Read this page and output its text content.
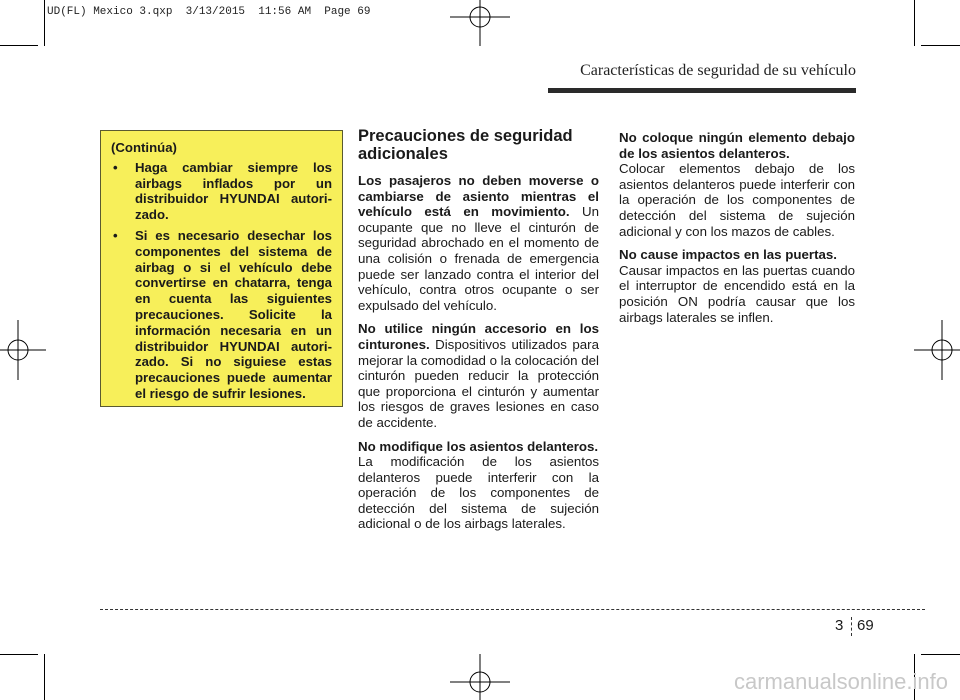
UD(FL) Mexico 3.qxp  3/13/2015  11:56 AM  Page 69
Características de seguridad de su vehículo
(Continúa)
• Haga cambiar siempre los airbags inflados por un distribuidor HYUNDAI autori-zado.
• Si es necesario desechar los componentes del sistema de airbag o si el vehículo debe convertirse en chatarra, tenga en cuenta las siguientes precauciones. Solicite la información necesaria en un distribuidor HYUNDAI autori-zado. Si no siguiese estas precauciones puede aumentar el riesgo de sufrir lesiones.
Precauciones de seguridad adicionales

Los pasajeros no deben moverse o cambiarse de asiento mientras el vehículo está en movimiento. Un ocupante que no lleve el cinturón de seguridad abrochado en el momento de una colisión o frenada de emergencia puede ser lanzado contra el interior del vehículo, contra otros ocupante o ser expulsado del vehículo.

No utilice ningún accesorio en los cinturones. Dispositivos utilizados para mejorar la comodidad o la colocación del cinturón pueden reducir la protección que proporciona el cinturón y aumentar los riesgos de graves lesiones en caso de accidente.

No modifique los asientos delanteros.
La modificación de los asientos delanteros puede interferir con la operación de los componentes de detección del sistema de sujeción adicional o de los airbags laterales.

No coloque ningún elemento debajo de los asientos delanteros.
Colocar elementos debajo de los asientos delanteros puede interferir con la operación de los componentes de detección del sistema de sujeción adicional y con los mazos de cables.

No cause impactos en las puertas.
Causar impactos en las puertas cuando el interruptor de encendido está en la posición ON podría causar que los airbags laterales se inflen.

3 69
carmanualsonline.info
